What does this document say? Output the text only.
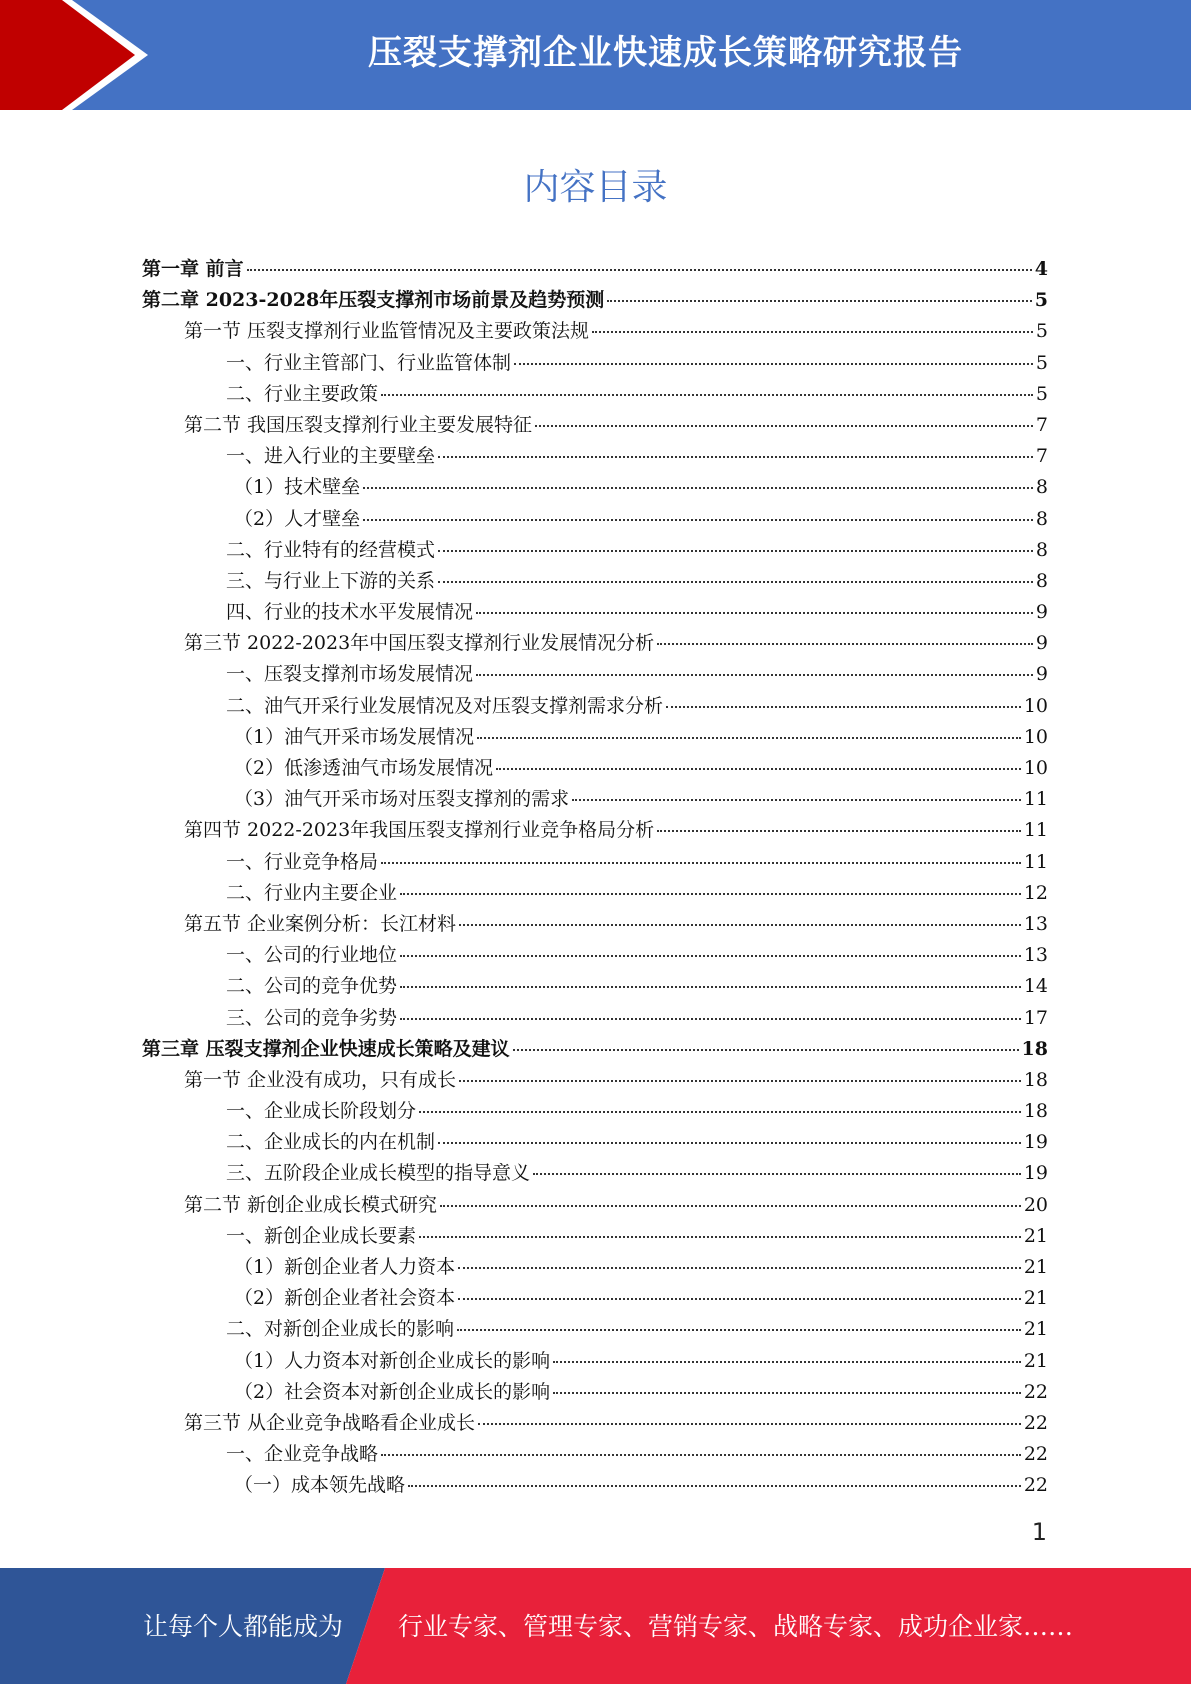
压裂支撑剂企业快速成长策略研究报告
内容目录
第一章 前言	4
第二章 2023-2028年压裂支撑剂市场前景及趋势预测	5
第一节 压裂支撑剂行业监管情况及主要政策法规	5
一、行业主管部门、行业监管体制	5
二、行业主要政策	5
第二节 我国压裂支撑剂行业主要发展特征	7
一、进入行业的主要壁垒	7
（1）技术壁垒	8
（2）人才壁垒	8
二、行业特有的经营模式	8
三、与行业上下游的关系	8
四、行业的技术水平发展情况	9
第三节 2022-2023年中国压裂支撑剂行业发展情况分析	9
一、压裂支撑剂市场发展情况	9
二、油气开采行业发展情况及对压裂支撑剂需求分析	10
（1）油气开采市场发展情况	10
（2）低渗透油气市场发展情况	10
（3）油气开采市场对压裂支撑剂的需求	11
第四节 2022-2023年我国压裂支撑剂行业竞争格局分析	11
一、行业竞争格局	11
二、行业内主要企业	12
第五节 企业案例分析：长江材料	13
一、公司的行业地位	13
二、公司的竞争优势	14
三、公司的竞争劣势	17
第三章 压裂支撑剂企业快速成长策略及建议	18
第一节 企业没有成功，只有成长	18
一、企业成长阶段划分	18
二、企业成长的内在机制	19
三、五阶段企业成长模型的指导意义	19
第二节 新创企业成长模式研究	20
一、新创企业成长要素	21
（1）新创企业者人力资本	21
（2）新创企业者社会资本	21
二、对新创企业成长的影响	21
（1）人力资本对新创企业成长的影响	21
（2）社会资本对新创企业成长的影响	22
第三节 从企业竞争战略看企业成长	22
一、企业竞争战略	22
（一）成本领先战略	22
1
让每个人都能成为 行业专家、管理专家、营销专家、战略专家、成功企业家……
